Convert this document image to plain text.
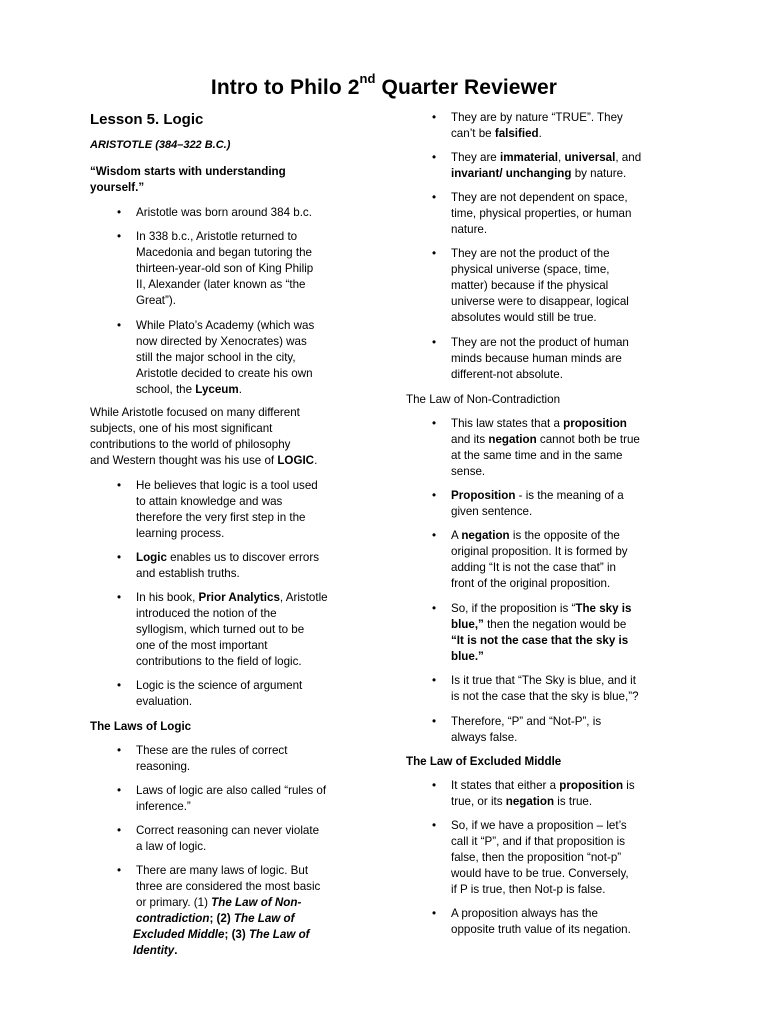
Intro to Philo 2nd Quarter Reviewer
Lesson 5. Logic
ARISTOTLE (384–322 B.C.)
“Wisdom starts with understanding
yourself.”
• Aristotle was born around 384 b.c.
• In 338 b.c., Aristotle returned to
Macedonia and began tutoring the
thirteen-year-old son of King Philip
II, Alexander (later known as “the
Great”).
• While Plato’s Academy (which was
now directed by Xenocrates) was
still the major school in the city,
Aristotle decided to create his own
school, the Lyceum.
While Aristotle focused on many different
subjects, one of his most significant
contributions to the world of philosophy
and Western thought was his use of LOGIC.
• He believes that logic is a tool used
to attain knowledge and was
therefore the very first step in the
learning process.
• Logic enables us to discover errors
and establish truths.
• In his book, Prior Analytics, Aristotle
introduced the notion of the
syllogism, which turned out to be
one of the most important
contributions to the field of logic.
• Logic is the science of argument
evaluation.
The Laws of Logic
• These are the rules of correct
reasoning.
• Laws of logic are also called “rules of
inference.”
• Correct reasoning can never violate
a law of logic.
• There are many laws of logic. But
three are considered the most basic
or primary. (1) The Law of Non-
contradiction; (2) The Law of
Excluded Middle; (3) The Law of
Identity.
• They are by nature “TRUE”. They
can’t be falsified.
• They are immaterial, universal, and
invariant/ unchanging by nature.
• They are not dependent on space,
time, physical properties, or human
nature.
• They are not the product of the
physical universe (space, time,
matter) because if the physical
universe were to disappear, logical
absolutes would still be true.
• They are not the product of human
minds because human minds are
different-not absolute.
The Law of Non-Contradiction
• This law states that a proposition
and its negation cannot both be true
at the same time and in the same
sense.
• Proposition - is the meaning of a
given sentence.
• A negation is the opposite of the
original proposition. It is formed by
adding “It is not the case that” in
front of the original proposition.
• So, if the proposition is “The sky is
blue,” then the negation would be
“It is not the case that the sky is
blue.”
• Is it true that “The Sky is blue, and it
is not the case that the sky is blue,”?
• Therefore, “P” and “Not-P”, is
always false.
The Law of Excluded Middle
• It states that either a proposition is
true, or its negation is true.
• So, if we have a proposition – let’s
call it “P”, and if that proposition is
false, then the proposition “not-p”
would have to be true. Conversely,
if P is true, then Not-p is false.
• A proposition always has the
opposite truth value of its negation.
